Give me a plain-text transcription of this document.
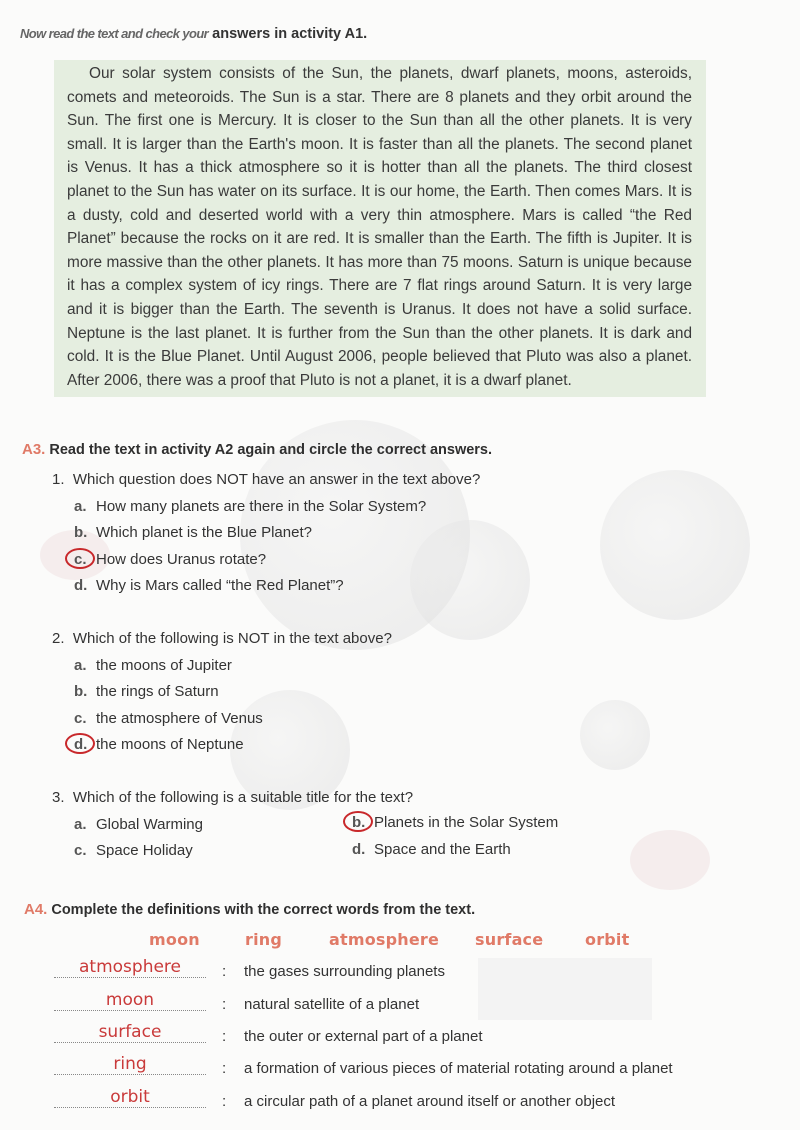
Now read the text and check your answers in activity A1.
Our solar system consists of the Sun, the planets, dwarf planets, moons, asteroids, comets and meteoroids. The Sun is a star. There are 8 planets and they orbit around the Sun. The first one is Mercury. It is closer to the Sun than all the other planets. It is very small. It is larger than the Earth's moon. It is faster than all the planets. The second planet is Venus. It has a thick atmosphere so it is hotter than all the planets. The third closest planet to the Sun has water on its surface. It is our home, the Earth. Then comes Mars. It is a dusty, cold and deserted world with a very thin atmosphere. Mars is called “the Red Planet” because the rocks on it are red. It is smaller than the Earth. The fifth is Jupiter. It is more massive than the other planets. It has more than 75 moons. Saturn is unique because it has a complex system of icy rings. There are 7 flat rings around Saturn. It is very large and it is bigger than the Earth. The seventh is Uranus. It does not have a solid surface. Neptune is the last planet. It is further from the Sun than the other planets. It is dark and cold. It is the Blue Planet. Until August 2006, people believed that Pluto was also a planet. After 2006, there was a proof that Pluto is not a planet, it is a dwarf planet.
A3. Read the text in activity A2 again and circle the correct answers.
1. Which question does NOT have an answer in the text above?
a. How many planets are there in the Solar System?
b. Which planet is the Blue Planet?
c. How does Uranus rotate?
d. Why is Mars called “the Red Planet”?
2. Which of the following is NOT in the text above?
a. the moons of Jupiter
b. the rings of Saturn
c. the atmosphere of Venus
d. the moons of Neptune
3. Which of the following is a suitable title for the text?
a. Global Warming	b. Planets in the Solar System
c. Space Holiday	d. Space and the Earth
A4. Complete the definitions with the correct words from the text.
moon	ring	atmosphere surface	orbit
atmosphere	: the gases surrounding planets
moon	: natural satellite of a planet
surface	: the outer or external part of a planet
ring	: a formation of various pieces of material rotating around a planet
orbit	: a circular path of a planet around itself or another object
